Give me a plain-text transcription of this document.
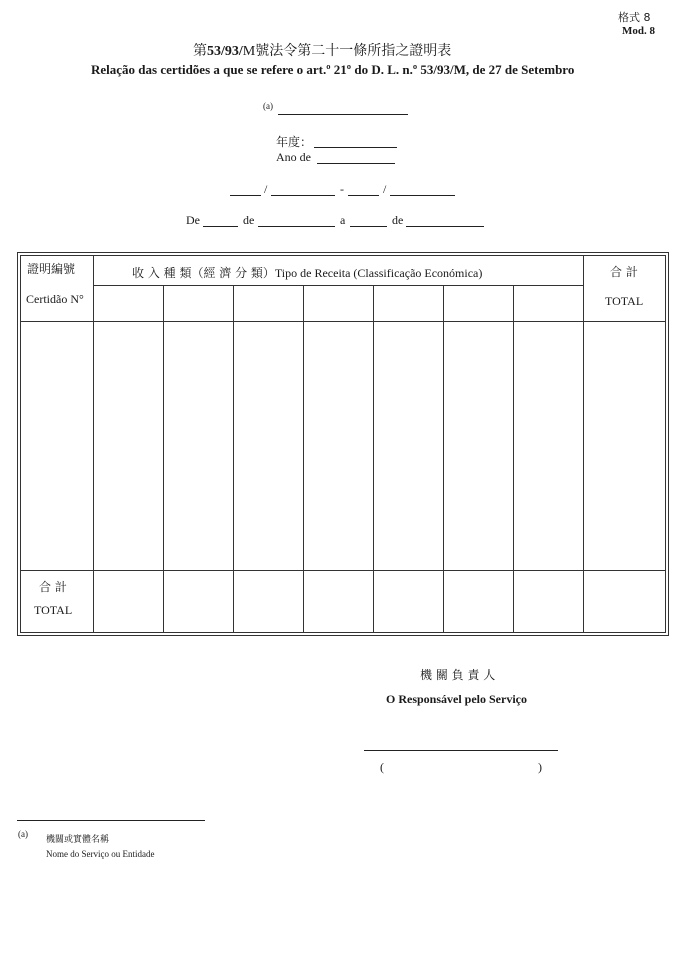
格式 8
Mod. 8
第53/93/M號法令第二十一條所指之證明表
Relação das certidões a que se refere o art.º 21º do D. L. n.º 53/93/M, de 27 de Setembro
(a)
年度：
Ano de
/	-	/
De	de	a	de
證明編號
Certidão N°
收 入 種 類（經 濟 分 類）Tipo de Receita (Classificação Económica)	合 計
TOTAL
合 計
TOTAL
機 關 負 責 人
O Responsável pelo Serviço
(	)
(a)
機關或實體名稱
Nome do Serviço ou Entidade
